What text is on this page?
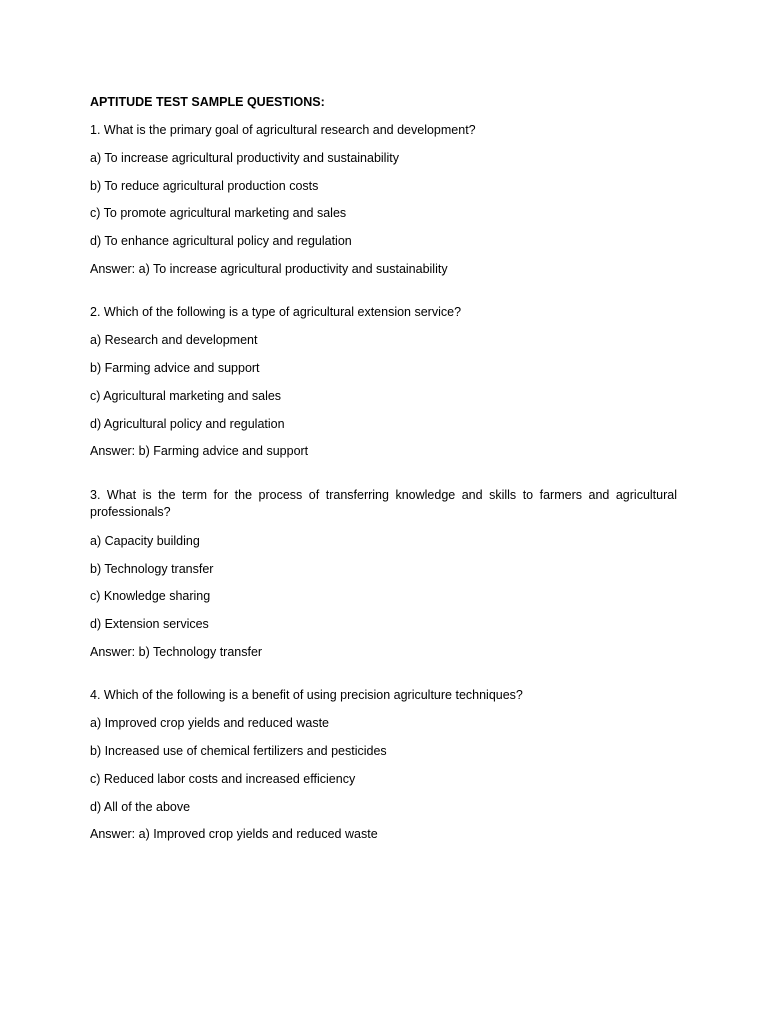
APTITUDE TEST SAMPLE QUESTIONS:
1. What is the primary goal of agricultural research and development?
a) To increase agricultural productivity and sustainability
b) To reduce agricultural production costs
c) To promote agricultural marketing and sales
d) To enhance agricultural policy and regulation
Answer: a) To increase agricultural productivity and sustainability
2. Which of the following is a type of agricultural extension service?
a) Research and development
b) Farming advice and support
c) Agricultural marketing and sales
d) Agricultural policy and regulation
Answer: b) Farming advice and support
3. What is the term for the process of transferring knowledge and skills to farmers and agricultural professionals?
a) Capacity building
b) Technology transfer
c) Knowledge sharing
d) Extension services
Answer: b) Technology transfer
4. Which of the following is a benefit of using precision agriculture techniques?
a) Improved crop yields and reduced waste
b) Increased use of chemical fertilizers and pesticides
c) Reduced labor costs and increased efficiency
d) All of the above
Answer: a) Improved crop yields and reduced waste
